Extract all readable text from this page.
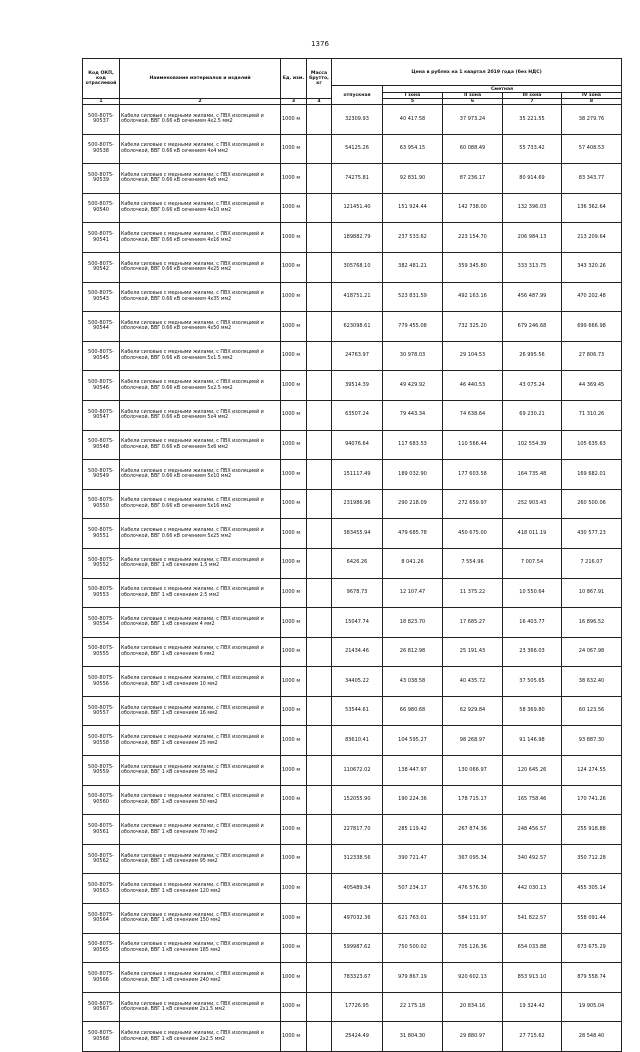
1376
Код ОКП, код отраслевой	Наименование материалов и изделий	Ед. изм.	Масса брутто, кг	Цена в рублях на 1 квартал 2019 года (без НДС)					
				отпускная	Сметная				
					I зона	II зона	III зона	IV зона	
1	2	3	4		5	6	7	8	
500-8075-90537	Кабели силовые с медными жилами, с ПВХ изоляцией и оболочкой, ВВГ 0.66 кВ сечением 4х2.5 мм2	1000 м		32309.93	40 417.58	37 973.24	35 221.55	38 279.76	
500-8075-90538	Кабели силовые с медными жилами, с ПВХ изоляцией и оболочкой, ВВГ 0.66 кВ сечением 4х4 мм2	1000 м		54125.26	63 954.15	60 088.49	55 733.42	57 408.53	
500-8075-90539	Кабели силовые с медными жилами, с ПВХ изоляцией и оболочкой, ВВГ 0.66 кВ сечением 4х6 мм2	1000 м		74275.81	92 831.90	87 236.17	80 914.69	83 343.77	
500-8075-90540	Кабели силовые с медными жилами, с ПВХ изоляцией и оболочкой, ВВГ 0.66 кВ сечением 4х10 мм2	1000 м		121451.40	151 924.44	142 738.00	132 396.03	136 362.64	
500-8075-90541	Кабели силовые с медными жилами, с ПВХ изоляцией и оболочкой, ВВГ 0.66 кВ сечением 4х16 мм2	1000 м		189882.79	237 533.62	223 154.70	206 984.13	213 209.64	
500-8075-90542	Кабели силовые с медными жилами, с ПВХ изоляцией и оболочкой, ВВГ 0.66 кВ сечением 4х25 мм2	1000 м		305768.10	382 481.21	359 345.80	333 313.75	343 320.26	
500-8075-90543	Кабели силовые с медными жилами, с ПВХ изоляцией и оболочкой, ВВГ 0.66 кВ сечением 4х35 мм2	1000 м		418751.21	523 831.59	492 163.16	456 487.99	470 202.48	
500-8075-90544	Кабели силовые с медными жилами, с ПВХ изоляцией и оболочкой, ВВГ 0.66 кВ сечением 4х50 мм2	1000 м		623098.61	779 455.08	732 325.20	679 246.68	699 666.98	
500-8075-90545	Кабели силовые с медными жилами, с ПВХ изоляцией и оболочкой, ВВГ 0.66 кВ сечением 5х1.5 мм2	1000 м		24763.97	30 978.03	29 104.53	26 995.56	27 806.73	
500-8075-90546	Кабели силовые с медными жилами, с ПВХ изоляцией и оболочкой, ВВГ 0.66 кВ сечением 5х2.5 мм2	1000 м		39514.39	49 429.92	46 440.53	43 075.24	44 369.45	
500-8075-90547	Кабели силовые с медными жилами, с ПВХ изоляцией и оболочкой, ВВГ 0.66 кВ сечением 5х4 мм2	1000 м		63507.24	79 443.34	74 638.64	69 230.21	71 310.26	
500-8075-90548	Кабели силовые с медными жилами, с ПВХ изоляцией и оболочкой, ВВГ 0.66 кВ сечением 5х6 мм2	1000 м		94076.64	117 683.53	110 566.44	102 554.39	105 635.63	
500-8075-90549	Кабели силовые с медными жилами, с ПВХ изоляцией и оболочкой, ВВГ 0.66 кВ сечением 5х10 мм2	1000 м		151117.49	189 032.90	177 603.58	164 735.48	169 682.01	
500-8075-90550	Кабели силовые с медными жилами, с ПВХ изоляцией и оболочкой, ВВГ 0.66 кВ сечением 5х16 мм2	1000 м		231986.96	290 218.09	272 659.97	252 903.43	260 500.06	
500-8075-90551	Кабели силовые с медными жилами, с ПВХ изоляцией и оболочкой, ВВГ 0.66 кВ сечением 5х25 мм2	1000 м		383455.94	479 685.78	450 675.00	418 011.19	430 577.23	
500-8075-90552	Кабели силовые с медными жилами, с ПВХ изоляцией и оболочкой, ВВГ 1 кВ сечением 1.5 мм2	1000 м		6426.26	8 041.26	7 554.96	7 007.54	7 216.07	
500-8075-90553	Кабели силовые с медными жилами, с ПВХ изоляцией и оболочкой, ВВГ 1 кВ сечением 2.5 мм2	1000 м		9678.73	12 107.47	11 375.22	10 550.64	10 867.91	
500-8075-90554	Кабели силовые с медными жилами, с ПВХ изоляцией и оболочкой, ВВГ 1 кВ сечением 4 мм2	1000 м		15047.74	18 823.70	17 685.27	16 403.77	16 896.52	
500-8075-90555	Кабели силовые с медными жилами, с ПВХ изоляцией и оболочкой, ВВГ 1 кВ сечением 6 мм2	1000 м		21434.46	26 812.98	25 191.43	23 366.03	24 067.98	
500-8075-90556	Кабели силовые с медными жилами, с ПВХ изоляцией и оболочкой, ВВГ 1 кВ сечением 10 мм2	1000 м		34405.22	43 038.58	40 435.72	37 505.65	38 632.40	
500-8075-90557	Кабели силовые с медными жилами, с ПВХ изоляцией и оболочкой, ВВГ 1 кВ сечением 16 мм2	1000 м		53544.61	66 980.68	62 929.84	58 369.80	60 123.56	
500-8075-90558	Кабели силовые с медными жилами, с ПВХ изоляцией и оболочкой, ВВГ 1 кВ сечением 25 мм2	1000 м		83610.41	104 595.27	98 268.97	91 146.98	93 887.30	
500-8075-90559	Кабели силовые с медными жилами, с ПВХ изоляцией и оболочкой, ВВГ 1 кВ сечением 35 мм2	1000 м		110672.02	138 447.97	130 066.97	120 645.26	124 274.55	
500-8075-90560	Кабели силовые с медными жилами, с ПВХ изоляцией и оболочкой, ВВГ 1 кВ сечением 50 мм2	1000 м		152055.90	190 224.36	178 715.17	165 758.46	170 741.26	
500-8075-90561	Кабели силовые с медными жилами, с ПВХ изоляцией и оболочкой, ВВГ 1 кВ сечением 70 мм2	1000 м		227817.70	285 119.42	267 874.36	248 456.57	255 918.88	
500-8075-90562	Кабели силовые с медными жилами, с ПВХ изоляцией и оболочкой, ВВГ 1 кВ сечением 95 мм2	1000 м		312338.56	390 721.47	367 095.34	340 492.57	350 712.28	
500-8075-90563	Кабели силовые с медными жилами, с ПВХ изоляцией и оболочкой, ВВГ 1 кВ сечением 120 мм2	1000 м		405489.34	507 234.17	476 576.30	442 030.13	455 305.14	
500-8075-90564	Кабели силовые с медными жилами, с ПВХ изоляцией и оболочкой, ВВГ 1 кВ сечением 150 мм2	1000 м		497032.36	621 763.01	584 131.97	541 822.57	558 091.44	
500-8075-90565	Кабели силовые с медными жилами, с ПВХ изоляцией и оболочкой, ВВГ 1 кВ сечением 185 мм2	1000 м		599987.62	750 500.02	705 126.36	654 033.88	673 675.29	
500-8075-90566	Кабели силовые с медными жилами, с ПВХ изоляцией и оболочкой, ВВГ 1 кВ сечением 240 мм2	1000 м		783323.67	979 867.19	920 602.13	853 913.10	879 558.74	
500-8075-90567	Кабели силовые с медными жилами, с ПВХ изоляцией и оболочкой, ВВГ 1 кВ сечением 2х1.5 мм2	1000 м		17726.95	22 175.18	20 834.16	19 324.42	19 905.04	
500-8075-90568	Кабели силовые с медными жилами, с ПВХ изоляцией и оболочкой, ВВГ 1 кВ сечением 2х2.5 мм2	1000 м		25424.49	31 804.30	29 880.97	27 715.62	28 548.40	
